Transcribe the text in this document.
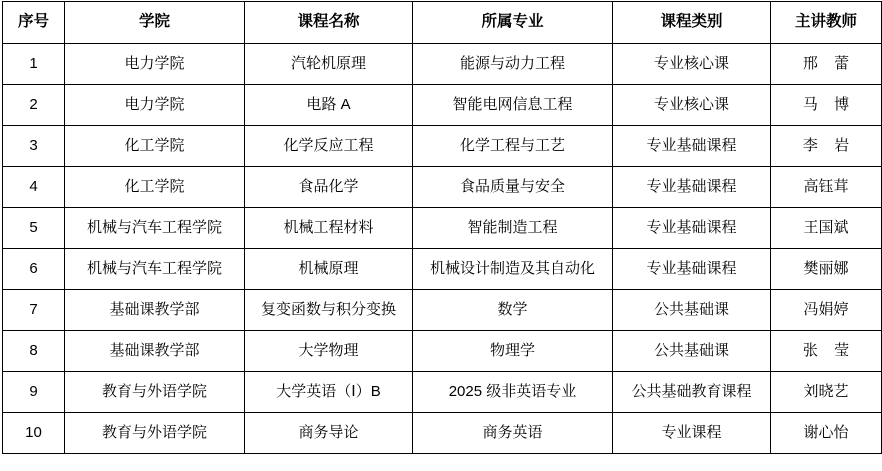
序号	学院	课程名称	所属专业	课程类别	主讲教师
1	电力学院	汽轮机原理	能源与动力工程	专业核心课	邢 蕾
2	电力学院	电路 A	智能电网信息工程	专业核心课	马 博
3	化工学院	化学反应工程	化学工程与工艺	专业基础课程	李 岩
4	化工学院	食品化学	食品质量与安全	专业基础课程	高钰茸
5	机械与汽车工程学院	机械工程材料	智能制造工程	专业基础课程	王国斌
6	机械与汽车工程学院	机械原理	机械设计制造及其自动化	专业基础课程	樊丽娜
7	基础课教学部	复变函数与积分变换	数学	公共基础课	冯娟婷
8	基础课教学部	大学物理	物理学	公共基础课	张 莹
9	教育与外语学院	大学英语（Ⅰ）B	2025 级非英语专业	公共基础教育课程	刘晓艺
10	教育与外语学院	商务导论	商务英语	专业课程	谢心怡
